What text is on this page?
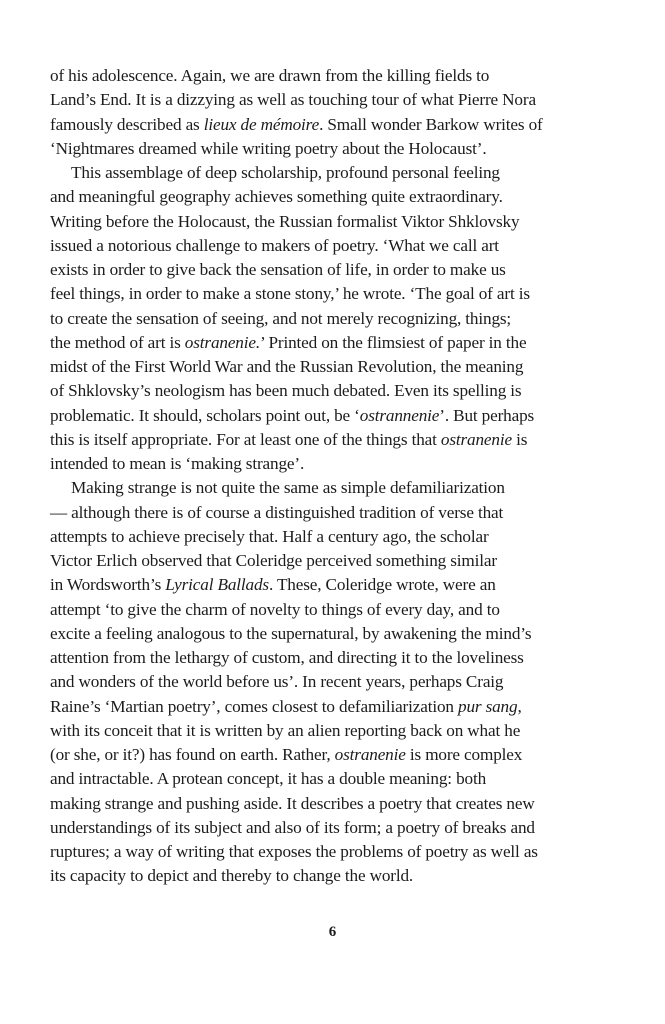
of his adolescence. Again, we are drawn from the killing fields to
Land’s End. It is a dizzying as well as touching tour of what Pierre Nora
famously described as lieux de mémoire. Small wonder Barkow writes of
‘Nightmares dreamed while writing poetry about the Holocaust’.
This assemblage of deep scholarship, profound personal feeling
and meaningful geography achieves something quite extraordinary.
Writing before the Holocaust, the Russian formalist Viktor Shklovsky
issued a notorious challenge to makers of poetry. ‘What we call art
exists in order to give back the sensation of life, in order to make us
feel things, in order to make a stone stony,’ he wrote. ‘The goal of art is
to create the sensation of seeing, and not merely recognizing, things;
the method of art is ostranenie.’ Printed on the flimsiest of paper in the
midst of the First World War and the Russian Revolution, the meaning
of Shklovsky’s neologism has been much debated. Even its spelling is
problematic. It should, scholars point out, be ‘ostrannenie’. But perhaps
this is itself appropriate. For at least one of the things that ostranenie is
intended to mean is ‘making strange’.
Making strange is not quite the same as simple defamiliarization
— although there is of course a distinguished tradition of verse that
attempts to achieve precisely that. Half a century ago, the scholar
Victor Erlich observed that Coleridge perceived something similar
in Wordsworth’s Lyrical Ballads. These, Coleridge wrote, were an
attempt ‘to give the charm of novelty to things of every day, and to
excite a feeling analogous to the supernatural, by awakening the mind’s
attention from the lethargy of custom, and directing it to the loveliness
and wonders of the world before us’. In recent years, perhaps Craig
Raine’s ‘Martian poetry’, comes closest to defamiliarization pur sang,
with its conceit that it is written by an alien reporting back on what he
(or she, or it?) has found on earth. Rather, ostranenie is more complex
and intractable. A protean concept, it has a double meaning: both
making strange and pushing aside. It describes a poetry that creates new
understandings of its subject and also of its form; a poetry of breaks and
ruptures; a way of writing that exposes the problems of poetry as well as
its capacity to depict and thereby to change the world.
6
